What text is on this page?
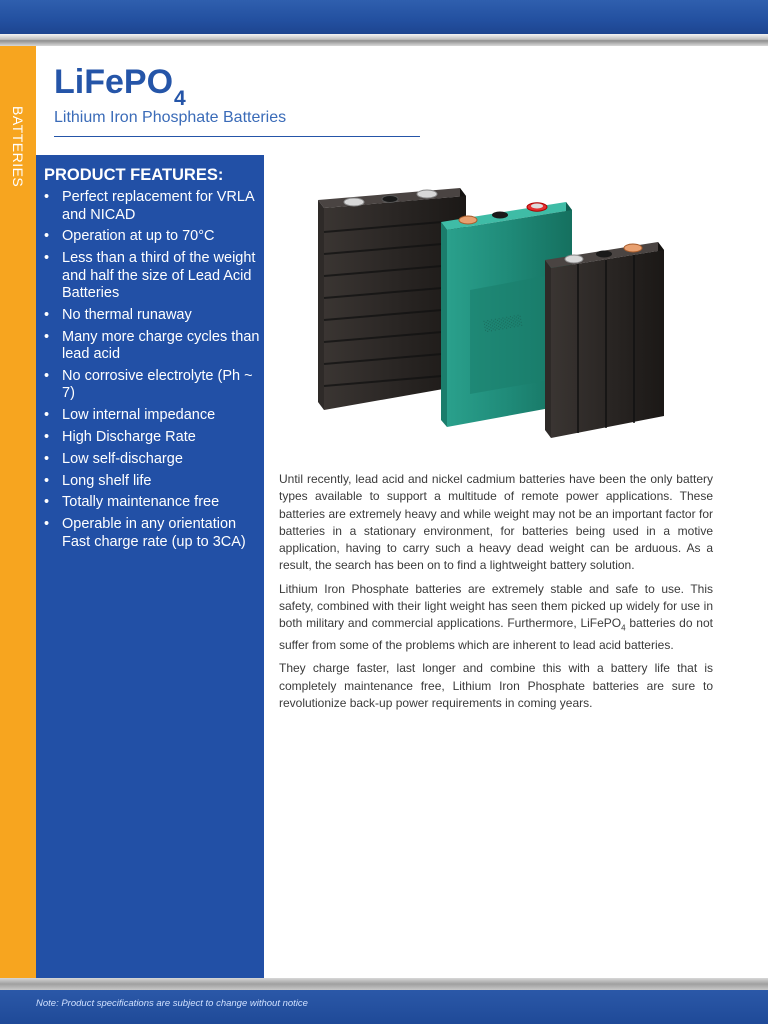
BATTERIES
LiFePO$_4$
Lithium Iron Phosphate Batteries
PRODUCT FEATURES:
• Perfect replacement for VRLA and NICAD
• Operation at up to 70°C
• Less than a third of the weight and half the size of Lead Acid Batteries
• No thermal runaway
• Many more charge cycles than lead acid
• No corrosive electrolyte (Ph ~ 7)
• Low internal impedance
• High Discharge Rate
• Low self-discharge
• Long shelf life
• Totally maintenance free
• Operable in any orientation Fast charge rate (up to 3CA)
░░░░░

Until recently, lead acid and nickel cadmium batteries have been the only battery types available to support a multitude of remote power applications. These batteries are extremely heavy and while weight may not be an important factor for batteries in a stationary environment, for batteries being used in a motive application, having to carry such a heavy dead weight can be arduous. As a result, the search has been on to find a lightweight battery solution.

Lithium Iron Phosphate batteries are extremely stable and safe to use. This safety, combined with their light weight has seen them picked up widely for use in both military and commercial applications. Furthermore, LiFePO$_4$ batteries do not suffer from some of the problems which are inherent to lead acid batteries.

They charge faster, last longer and combine this with a battery life that is completely maintenance free, Lithium Iron Phosphate batteries are sure to revolutionize back-up power requirements in coming years.

Note: Product specifications are subject to change without notice
